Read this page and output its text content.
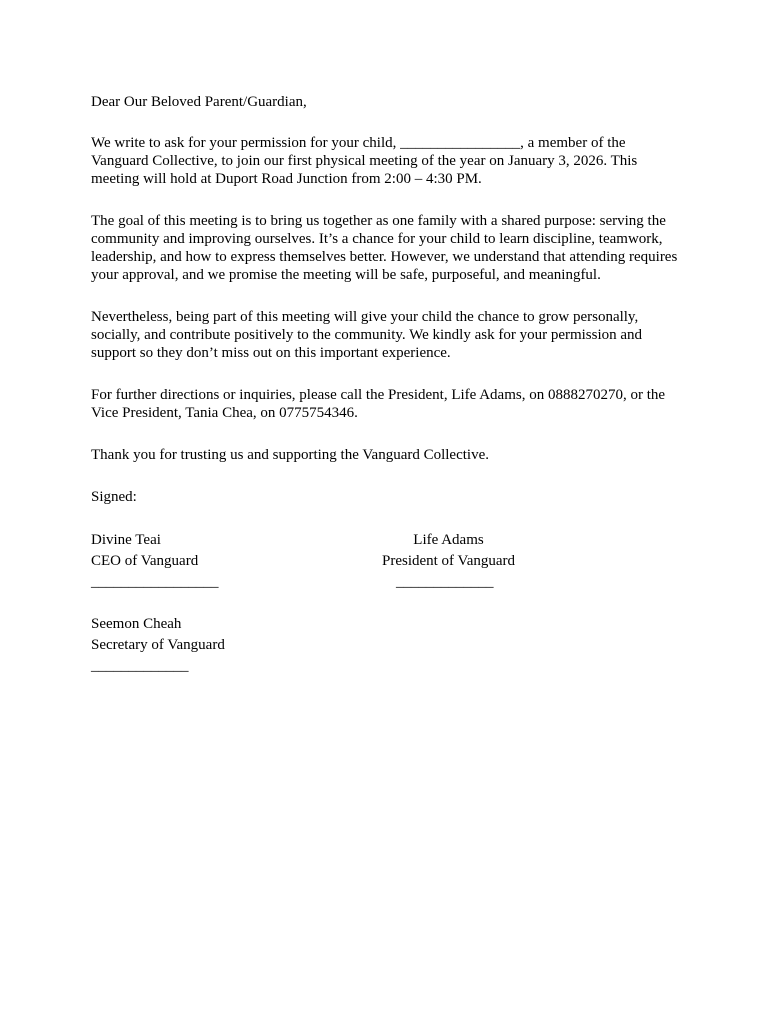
Dear Our Beloved Parent/Guardian,

We write to ask for your permission for your child, ________________, a member of the Vanguard Collective, to join our first physical meeting of the year on January 3, 2026. This meeting will hold at Duport Road Junction from 2:00 – 4:30 PM.

The goal of this meeting is to bring us together as one family with a shared purpose: serving the community and improving ourselves. It’s a chance for your child to learn discipline, teamwork, leadership, and how to express themselves better. However, we understand that attending requires your approval, and we promise the meeting will be safe, purposeful, and meaningful.

Nevertheless, being part of this meeting will give your child the chance to grow personally, socially, and contribute positively to the community. We kindly ask for your permission and support so they don’t miss out on this important experience.

For further directions or inquiries, please call the President, Life Adams, on 0888270270, or the Vice President, Tania Chea, on 0775754346.

Thank you for trusting us and supporting the Vanguard Collective.

Signed:

Divine Teai
CEO of Vanguard
_________________
Life Adams
President of Vanguard
_____________
Seemon Cheah
Secretary of Vanguard
_____________
